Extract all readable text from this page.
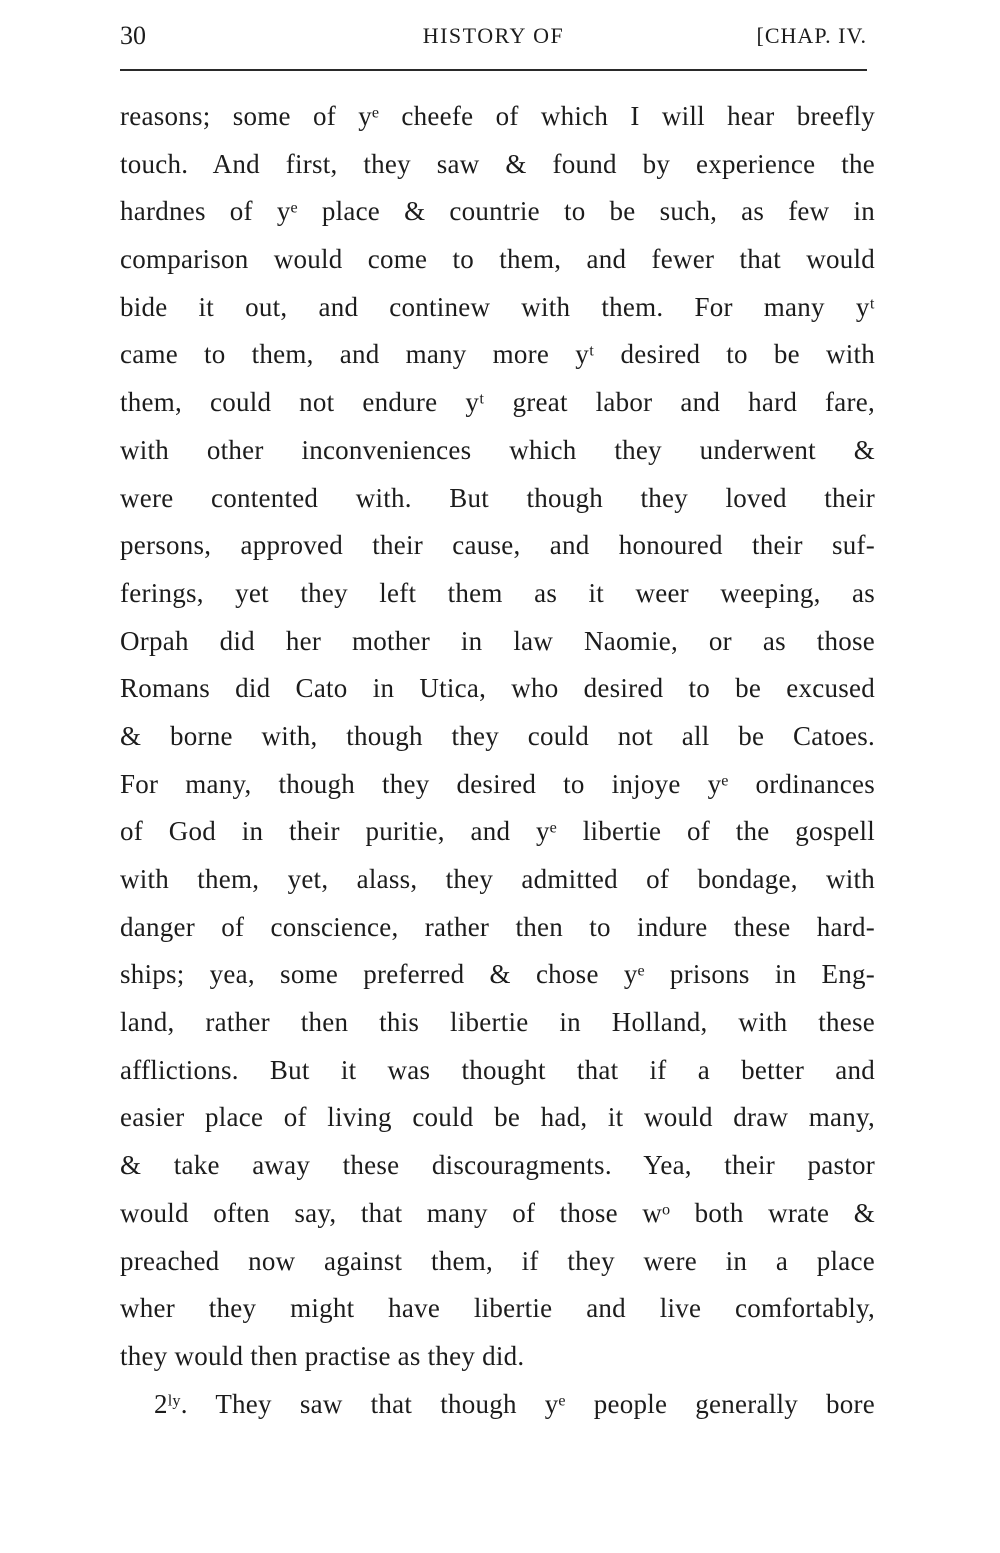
30	HISTORY OF	[CHAP. IV.
reasons; some of yᵉ cheefe of which I will hear breefly
touch. And first, they saw & found by experience the
hardnes of yᵉ place & countrie to be such, as few in
comparison would come to them, and fewer that would
bide it out, and continew with them. For many yᵗ
came to them, and many more yᵗ desired to be with
them, could not endure yᵗ great labor and hard fare,
with other inconveniences which they underwent &
were contented with. But though they loved their
persons, approved their cause, and honoured their suf-
ferings, yet they left them as it weer weeping, as
Orpah did her mother in law Naomie, or as those
Romans did Cato in Utica, who desired to be excused
& borne with, though they could not all be Catoes.
For many, though they desired to injoye yᵉ ordinances
of God in their puritie, and yᵉ libertie of the gospell
with them, yet, alass, they admitted of bondage, with
danger of conscience, rather then to indure these hard-
ships; yea, some preferred & chose yᵉ prisons in Eng-
land, rather then this libertie in Holland, with these
afflictions. But it was thought that if a better and
easier place of living could be had, it would draw many,
& take away these discouragments. Yea, their pastor
would often say, that many of those wᵒ both wrate &
preached now against them, if they were in a place
wher they might have libertie and live comfortably,
they would then practise as they did.
2ˡʸ. They saw that though yᵉ people generally bore
